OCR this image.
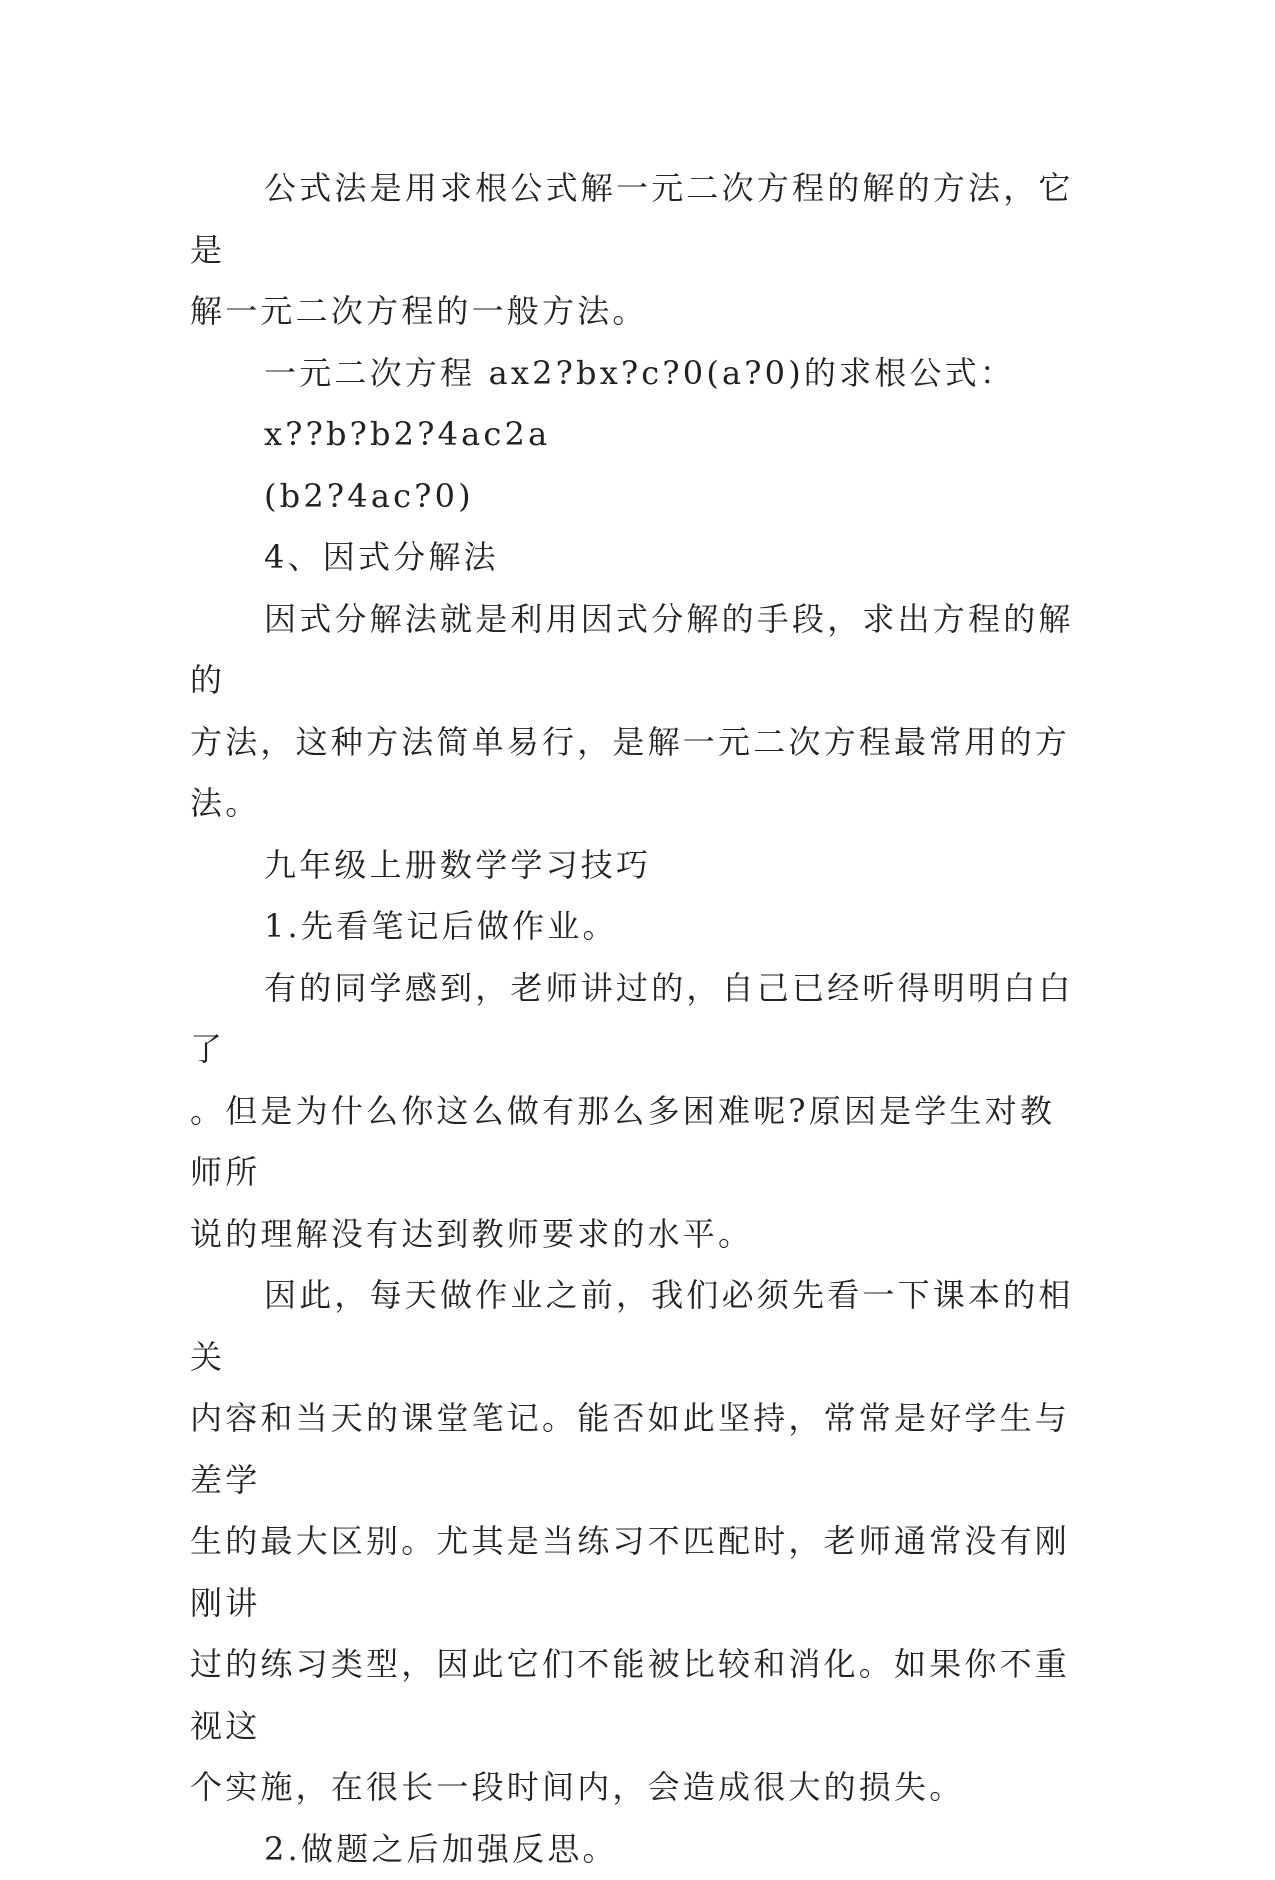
公式法是用求根公式解一元二次方程的解的方法，它是
解一元二次方程的一般方法。

一元二次方程 ax2?bx?c?0(a?0)的求根公式：

x??b?b2?4ac2a

(b2?4ac?0)

4、因式分解法

因式分解法就是利用因式分解的手段，求出方程的解的
方法，这种方法简单易行，是解一元二次方程最常用的方法。

九年级上册数学学习技巧

1.先看笔记后做作业。

有的同学感到，老师讲过的，自己已经听得明明白白了
。但是为什么你这么做有那么多困难呢?原因是学生对教师所
说的理解没有达到教师要求的水平。

因此，每天做作业之前，我们必须先看一下课本的相关
内容和当天的课堂笔记。能否如此坚持，常常是好学生与差学
生的最大区别。尤其是当练习不匹配时，老师通常没有刚刚讲
过的练习类型，因此它们不能被比较和消化。如果你不重视这
个实施，在很长一段时间内，会造成很大的损失。

2.做题之后加强反思。
